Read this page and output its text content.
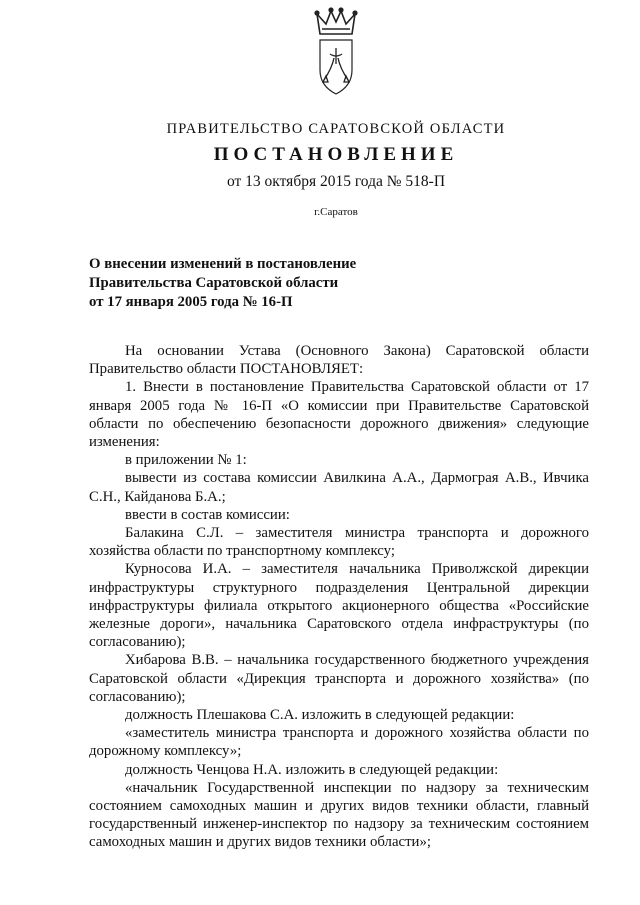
ПРАВИТЕЛЬСТВО САРАТОВСКОЙ ОБЛАСТИ
ПОСТАНОВЛЕНИЕ
от 13 октября 2015 года № 518-П
г.Саратов
О внесении изменений в постановление
Правительства Саратовской области
от 17 января 2005 года № 16-П

На основании Устава (Основного Закона) Саратовской области Правительство области ПОСТАНОВЛЯЕТ:

1. Внести в постановление Правительства Саратовской области от 17 января 2005 года № 16-П «О комиссии при Правительстве Саратовской области по обеспечению безопасности дорожного движения» следующие изменения:

в приложении № 1:

вывести из состава комиссии Авилкина А.А., Дармограя А.В., Ивчика С.Н., Кайданова Б.А.;

ввести в состав комиссии:

Балакина С.Л. – заместителя министра транспорта и дорожного хозяйства области по транспортному комплексу;

Курносова И.А. – заместителя начальника Приволжской дирекции инфраструктуры структурного подразделения Центральной дирекции инфраструктуры филиала открытого акционерного общества «Российские железные дороги», начальника Саратовского отдела инфраструктуры (по согласованию);

Хибарова В.В. – начальника государственного бюджетного учреждения Саратовской области «Дирекция транспорта и дорожного хозяйства» (по согласованию);

должность Плешакова С.А. изложить в следующей редакции:

«заместитель министра транспорта и дорожного хозяйства области по дорожному комплексу»;

должность Ченцова Н.А. изложить в следующей редакции:

«начальник Государственной инспекции по надзору за техническим состоянием самоходных машин и других видов техники области, главный государственный инженер-инспектор по надзору за техническим состоянием самоходных машин и других видов техники области»;
